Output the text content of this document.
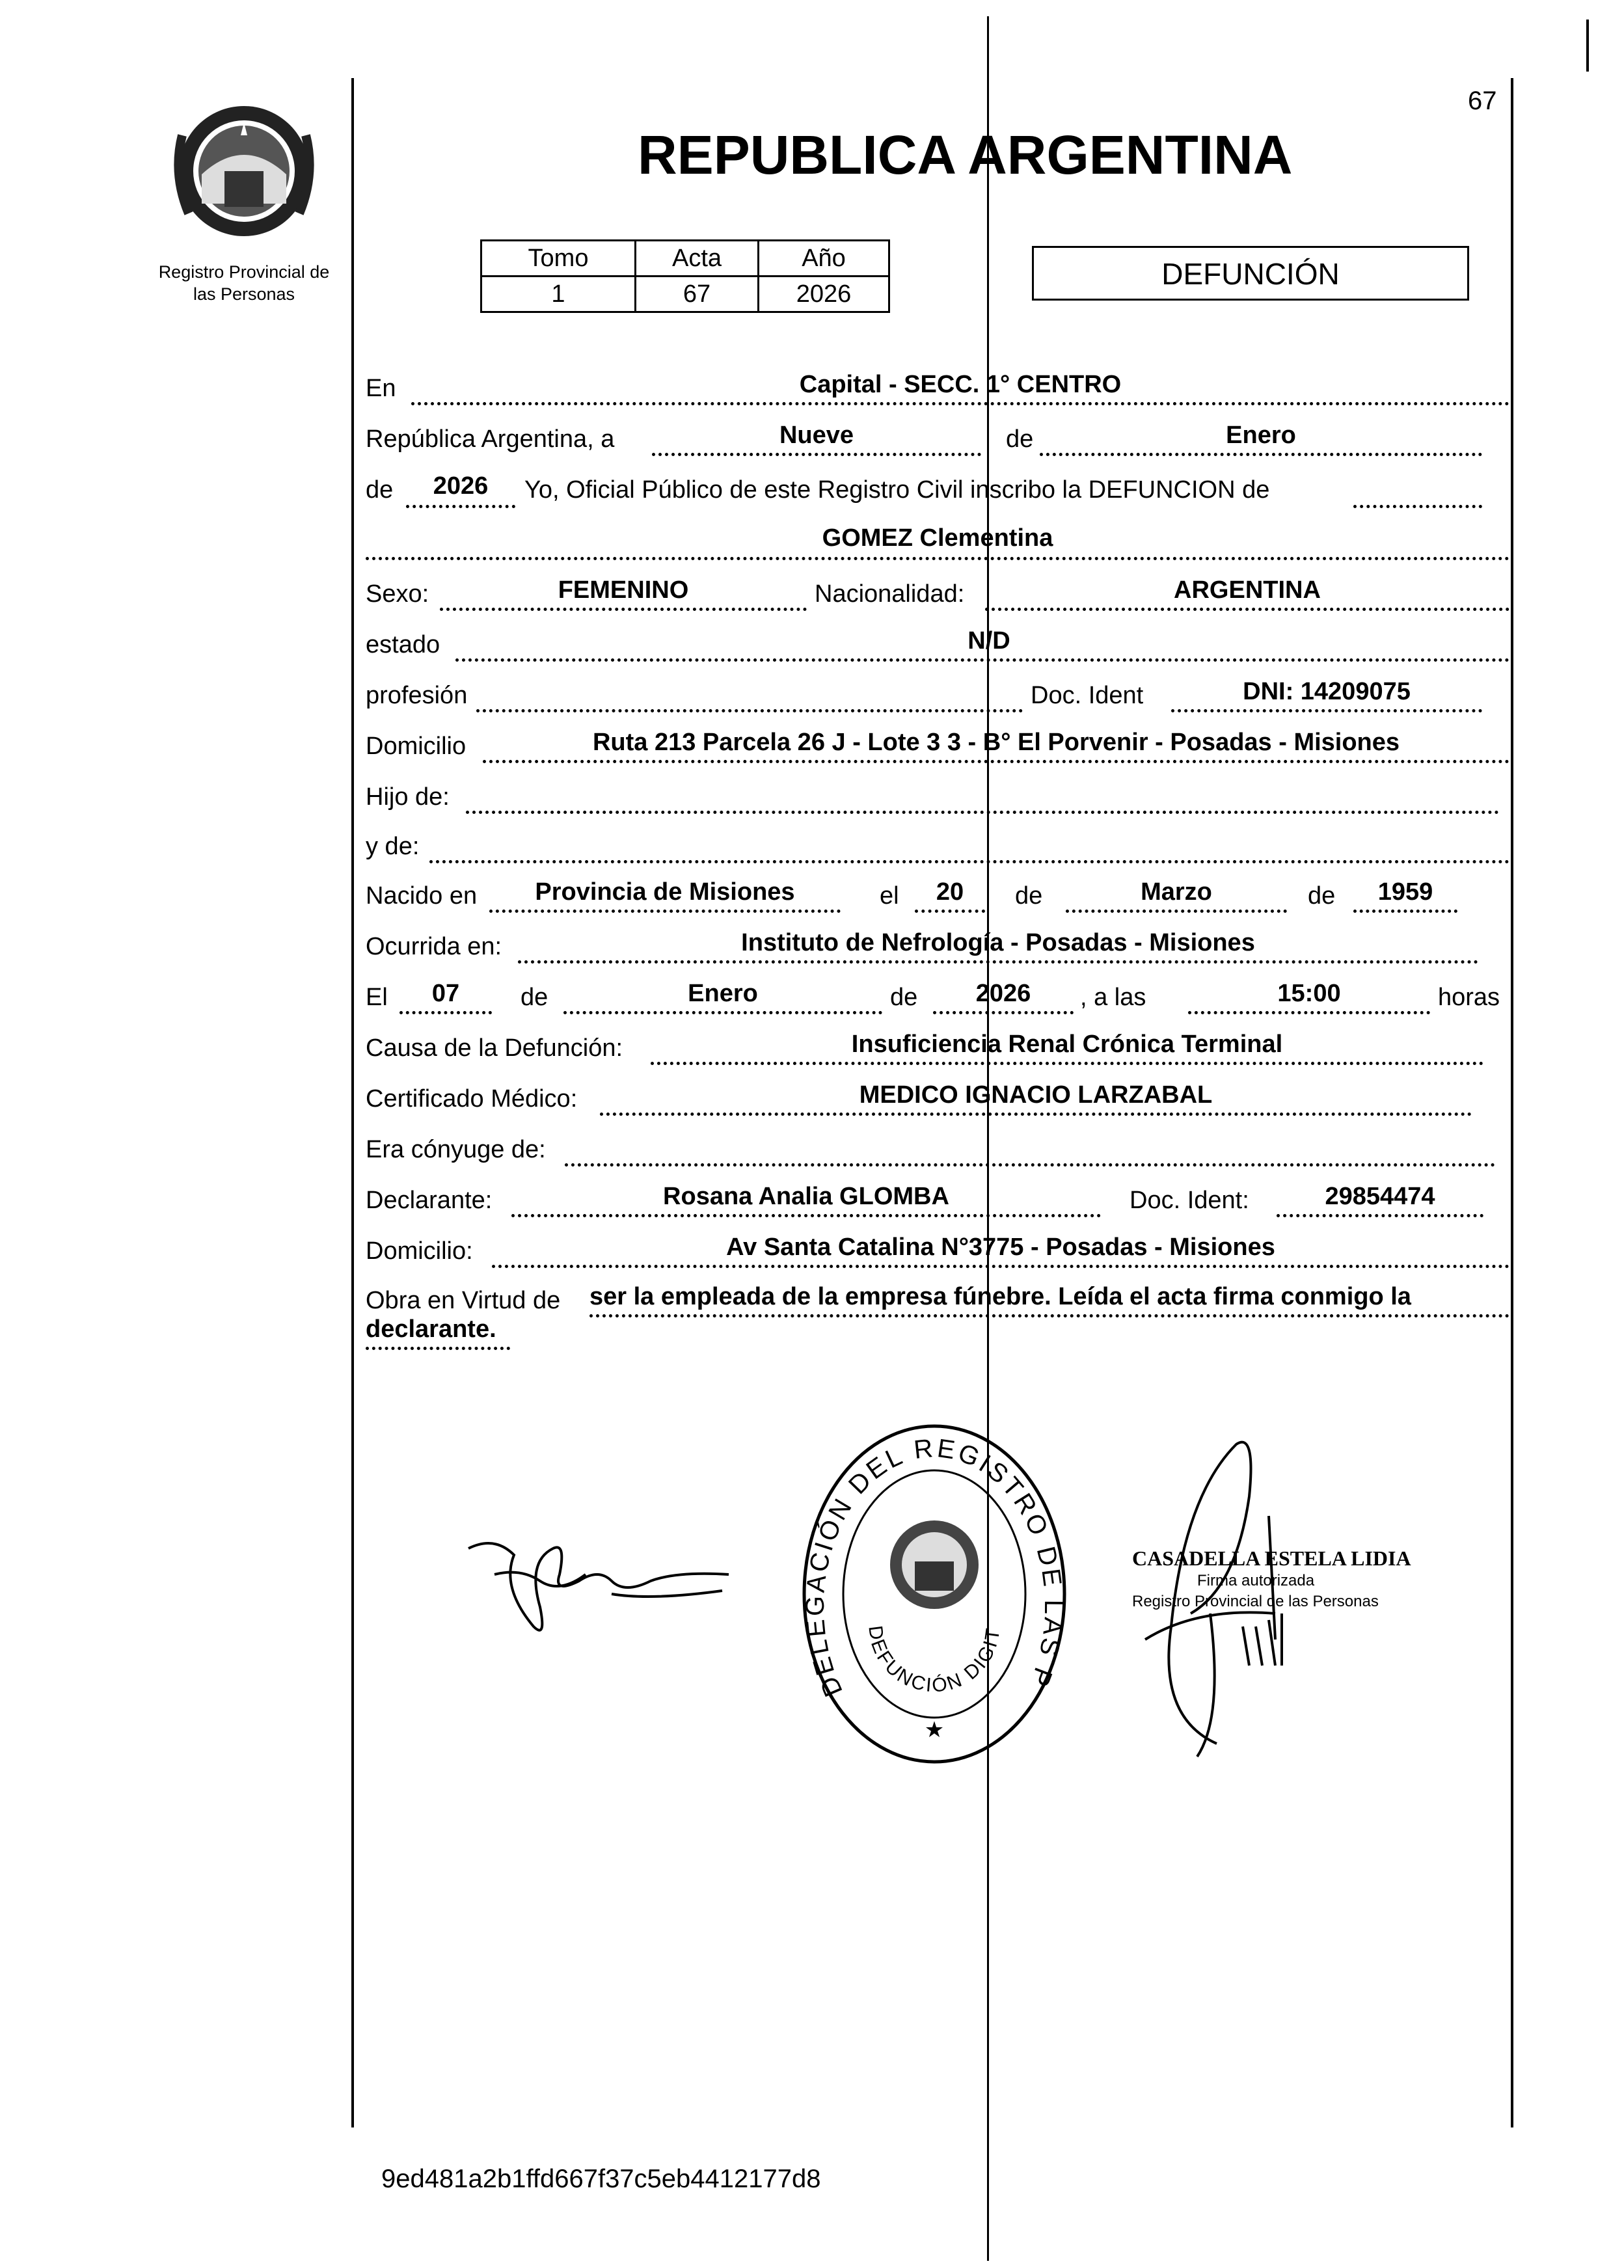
67
Registro Provincial de
las Personas
REPUBLICA ARGENTINA
Tomo	Acta	Año
1	67	2026
DEFUNCIÓN
En	Capital - SECC. 1° CENTRO
República Argentina, a	Nueve	de	Enero
de	2026	Yo, Oficial Público de este Registro Civil inscribo la DEFUNCION de
GOMEZ Clementina
Sexo:	FEMENINO	Nacionalidad:	ARGENTINA
estado	N/D
profesión	Doc. Ident	DNI: 14209075
Domicilio	Ruta 213 Parcela 26 J - Lote 3 3 - B° El Porvenir - Posadas - Misiones
Hijo de:
y de:
Nacido en	Provincia de Misiones	el	20	de	Marzo	de	1959
Ocurrida en:	Instituto de Nefrología - Posadas - Misiones
El	07	de	Enero	de	2026	, a las	15:00	horas
Causa de la Defunción:	Insuficiencia Renal Crónica Terminal
Certificado Médico:	MEDICO IGNACIO LARZABAL
Era cónyuge de:
Declarante:	Rosana Analia GLOMBA	Doc. Ident:	29854474
Domicilio:	Av Santa Catalina N°3775 - Posadas - Misiones
Obra en Virtud de ser la empleada de la empresa fúnebre. Leída el acta firma conmigo la
declarante.
DELEGACIÓN DEL REGISTRO DE LAS P
DEFUNCIÓN DIGIT
★
CASADELLA ESTELA LIDIA
Firma autorizada
Registro Provincial de las Personas
9ed481a2b1ffd667f37c5eb4412177d8
